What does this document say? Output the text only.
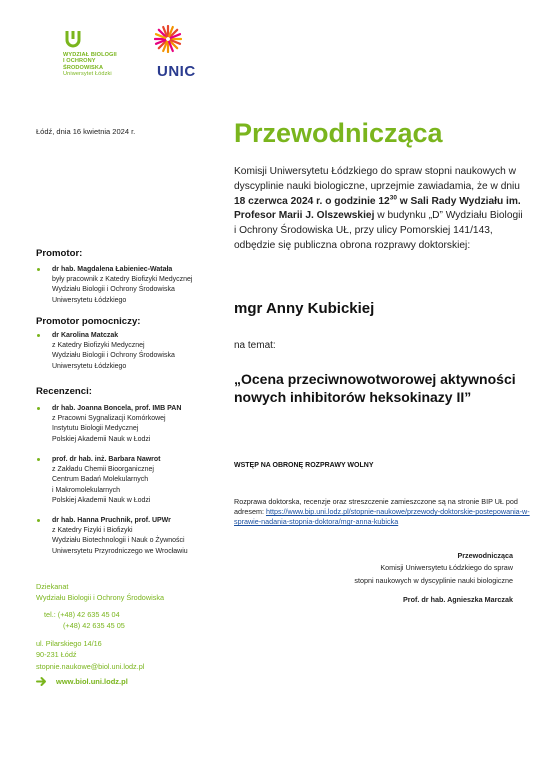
WYDZIAŁ BIOLOGII
I OCHRONY
ŚRODOWISKA
Uniwersytet Łódzki	UNIC
Łódź, dnia 16 kwietnia 2024 r.	Przewodnicząca
Komisji Uniwersytetu Łódzkiego do spraw stopni naukowych w dyscyplinie nauki biologiczne, uprzejmie zawiadamia, że w dniu 18 czerwca 2024 r. o godzinie $12^{30}$ w Sali Rady Wydziału im. Profesor Marii J. Olszewskiej w budynku „D” Wydziału Biologii i Ochrony Środowiska UŁ, przy ulicy Pomorskiej 141/143, odbędzie się publiczna obrona rozprawy doktorskiej:
mgr Anny Kubickiej
na temat:
„Ocena przeciwnowotworowej aktywności nowych inhibitorów heksokinazy II”
WSTĘP NA OBRONĘ ROZPRAWY WOLNY
Rozprawa doktorska, recenzje oraz streszczenie zamieszczone są na stronie BIP UŁ pod adresem: https://www.bip.uni.lodz.pl/stopnie-naukowe/przewody-doktorskie-postepowania-w-sprawie-nadania-stopnia-doktora/mgr-anna-kubicka
Przewodnicząca
Komisji Uniwersytetu Łódzkiego do spraw
stopni naukowych w dyscyplinie nauki biologiczne
Prof. dr hab. Agnieszka Marczak
Promotor:
dr hab. Magdalena Łabieniec-Watała
były pracownik z Katedry Biofizyki Medycznej
Wydziału Biologii i Ochrony Środowiska
Uniwersytetu Łódzkiego
Promotor pomocniczy:
dr Karolina Matczak
z Katedry Biofizyki Medycznej
Wydziału Biologii i Ochrony Środowiska
Uniwersytetu Łódzkiego
Recenzenci:
dr hab. Joanna Boncela, prof. IMB PAN
z Pracowni Sygnalizacji Komórkowej
Instytutu Biologii Medycznej
Polskiej Akademii Nauk w Łodzi
prof. dr hab. inż. Barbara Nawrot
z Zakładu Chemii Bioorganicznej
Centrum Badań Molekularnych
i Makromolekularnych
Polskiej Akademii Nauk w Łodzi
dr hab. Hanna Pruchnik, prof. UPWr
z Katedry Fizyki i Biofizyki
Wydziału Biotechnologii i Nauk o Żywności
Uniwersytetu Przyrodniczego we Wrocławiu
Dziekanat
Wydziału Biologii i Ochrony Środowiska
tel.: (+48) 42 635 45 04
(+48) 42 635 45 05
ul. Pilarskiego 14/16
90-231 Łódź
stopnie.naukowe@biol.uni.lodz.pl
www.biol.uni.lodz.pl
